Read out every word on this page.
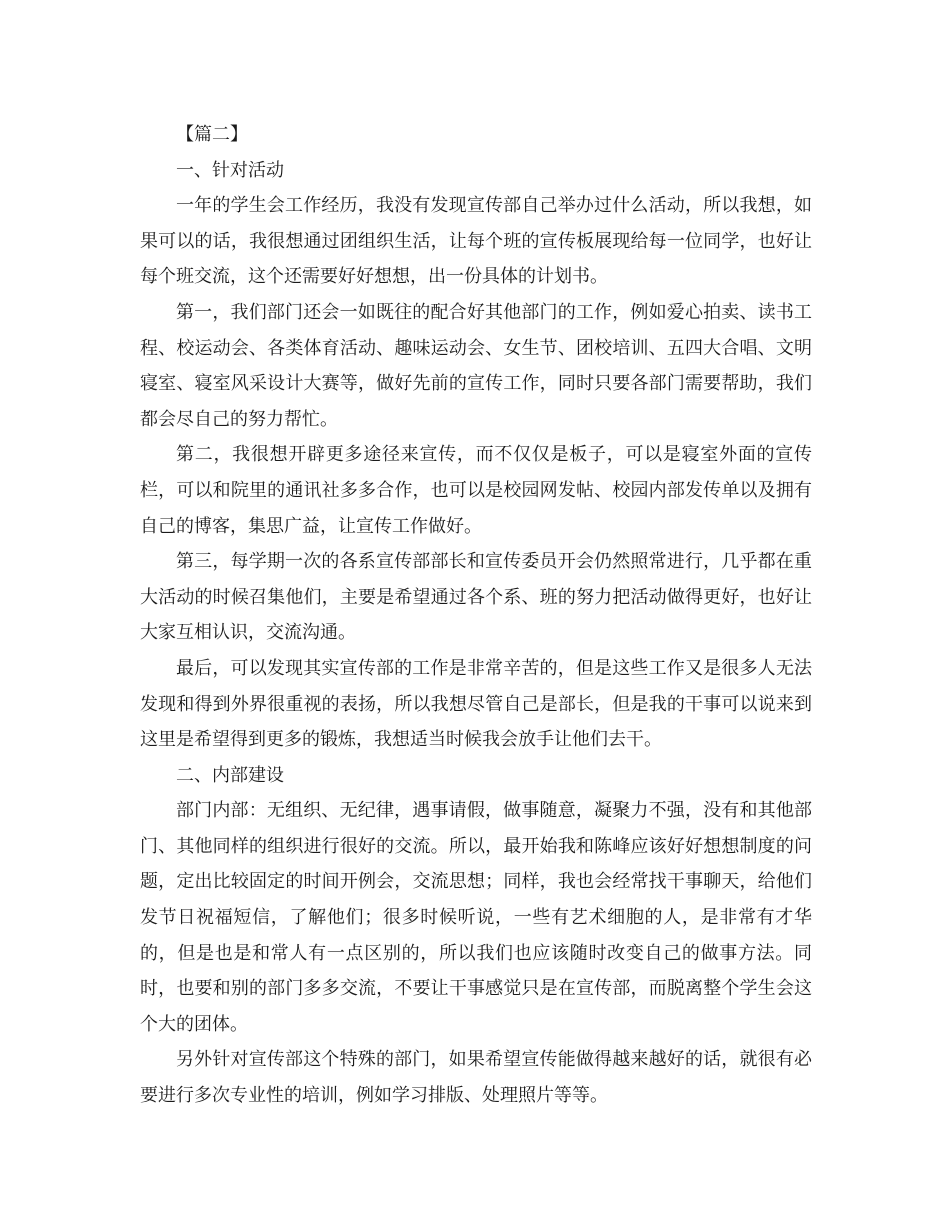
【篇二】

一、针对活动

一年的学生会工作经历，我没有发现宣传部自己举办过什么活动，所以我想，如果可以的话，我很想通过团组织生活，让每个班的宣传板展现给每一位同学，也好让每个班交流，这个还需要好好想想，出一份具体的计划书。

第一，我们部门还会一如既往的配合好其他部门的工作，例如爱心拍卖、读书工程、校运动会、各类体育活动、趣味运动会、女生节、团校培训、五四大合唱、文明寝室、寝室风采设计大赛等，做好先前的宣传工作，同时只要各部门需要帮助，我们都会尽自己的努力帮忙。

第二，我很想开辟更多途径来宣传，而不仅仅是板子，可以是寝室外面的宣传栏，可以和院里的通讯社多多合作，也可以是校园网发帖、校园内部发传单以及拥有自己的博客，集思广益，让宣传工作做好。

第三，每学期一次的各系宣传部部长和宣传委员开会仍然照常进行，几乎都在重大活动的时候召集他们，主要是希望通过各个系、班的努力把活动做得更好，也好让大家互相认识，交流沟通。

最后，可以发现其实宣传部的工作是非常辛苦的，但是这些工作又是很多人无法发现和得到外界很重视的表扬，所以我想尽管自己是部长，但是我的干事可以说来到这里是希望得到更多的锻炼，我想适当时候我会放手让他们去干。

二、内部建设

部门内部：无组织、无纪律，遇事请假，做事随意，凝聚力不强，没有和其他部门、其他同样的组织进行很好的交流。所以，最开始我和陈峰应该好好想想制度的问题，定出比较固定的时间开例会，交流思想；同样，我也会经常找干事聊天，给他们发节日祝福短信，了解他们；很多时候听说，一些有艺术细胞的人，是非常有才华的，但是也是和常人有一点区别的，所以我们也应该随时改变自己的做事方法。同时，也要和别的部门多多交流，不要让干事感觉只是在宣传部，而脱离整个学生会这个大的团体。

另外针对宣传部这个特殊的部门，如果希望宣传能做得越来越好的话，就很有必要进行多次专业性的培训，例如学习排版、处理照片等等。
